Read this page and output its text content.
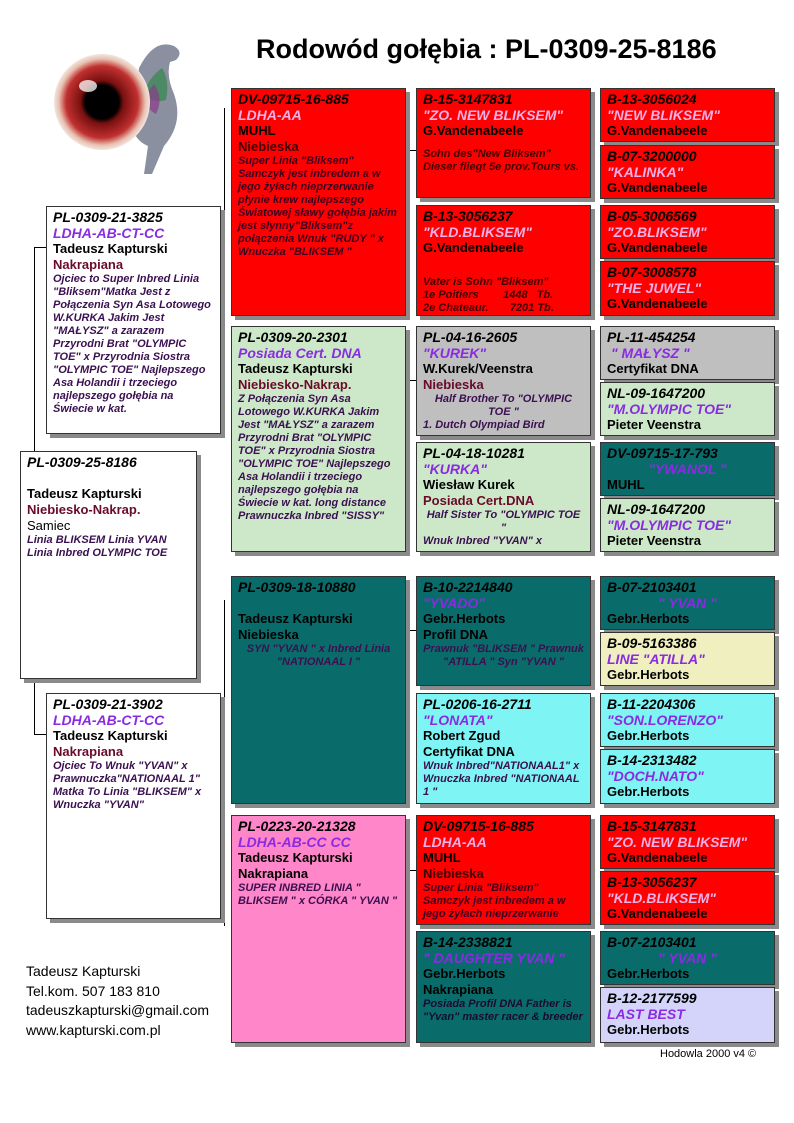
Rodowód gołębia : PL-0309-25-8186
PL-0309-25-8186
Tadeusz Kapturski
Niebiesko-Nakrap.
Samiec
Linia BLIKSEM Linia YVAN Linia Inbred OLYMPIC TOE
PL-0309-21-3825
LDHA-AB-CT-CC
Tadeusz Kapturski
Nakrapiana
Ojciec to Super Inbred Linia "Bliksem"Matka Jest z Połączenia Syn Asa Lotowego W.KURKA Jakim Jest "MAŁYSZ" a zarazem Przyrodni Brat "OLYMPIC TOE" x Przyrodnia Siostra "OLYMPIC TOE" Najlepszego Asa Holandii i trzeciego najlepszego gołębia na Świecie w kat.
PL-0309-21-3902
LDHA-AB-CT-CC
Tadeusz Kapturski
Nakrapiana
Ojciec To Wnuk "YVAN" x Prawnuczka"NATIONAAL 1" Matka To Linia "BLIKSEM" x Wnuczka "YVAN"
DV-09715-16-885
LDHA-AA
MUHL
Niebieska
Super Linia "Bliksem" Samczyk jest inbredem a w jego żyłach nieprzerwanie płynie krew najlepszego Światowej sławy gołębia jakim jest słynny"Bliksem"z połączenia Wnuk "RUDY " x Wnuczka "BLIKSEM "
PL-0309-20-2301
Posiada Cert. DNA
Tadeusz Kapturski
Niebiesko-Nakrap.
Z Połączenia Syn Asa Lotowego W.KURKA Jakim Jest "MAŁYSZ" a zarazem Przyrodni Brat "OLYMPIC TOE" x Przyrodnia Siostra "OLYMPIC TOE" Najlepszego Asa Holandii i trzeciego najlepszego gołębia na Świecie w kat. long distance Prawnuczka Inbred "SISSY"
PL-0309-18-10880
Tadeusz Kapturski
Niebieska
SYN "YVAN " x Inbred Linia "NATIONAAL I "
PL-0223-20-21328
LDHA-AB-CC CC
Tadeusz Kapturski
Nakrapiana
SUPER INBRED LINIA " BLIKSEM " x CÓRKA " YVAN "
B-15-3147831
"ZO. NEW BLIKSEM"
G.Vandenabeele
Sohn des"New Bliksem" Dieser fliegt 5e prov.Tours vs.
B-13-3056237
"KLD.BLIKSEM"
G.Vandenabeele
Vater is Sohn "Bliksem"
1e Poitiers        1448   Tb.
2e Chateaur.       7201 Tb.
PL-04-16-2605
"KUREK"
W.Kurek/Veenstra
Niebieska
Half Brother To "OLYMPIC TOE "
1. Dutch Olympiad Bird
PL-04-18-10281
"KURKA"
Wiesław Kurek
Posiada Cert.DNA
Half Sister To "OLYMPIC TOE "
Wnuk Inbred "YVAN" x
B-10-2214840
"YVADO"
Gebr.Herbots
Profil DNA
Prawnuk "BLIKSEM " Prawnuk "ATILLA " Syn "YVAN "
PL-0206-16-2711
"LONATA"
Robert Zgud
Certyfikat DNA
Wnuk Inbred"NATIONAAL1" x Wnuczka Inbred "NATIONAAL 1 "
DV-09715-16-885
LDHA-AA
MUHL
Niebieska
Super Linia "Bliksem" Samczyk jest inbredem a w jego żyłach nieprzerwanie
B-14-2338821
" DAUGHTER YVAN "
Gebr.Herbots
Nakrapiana
Posiada Profil DNA Father is "Yvan" master racer & breeder
B-13-3056024
"NEW BLIKSEM"
G.Vandenabeele
B-07-3200000
"KALINKA"
G.Vandenabeele
B-05-3006569
"ZO.BLIKSEM"
G.Vandenabeele
B-07-3008578
"THE JUWEL"
G.Vandenabeele
PL-11-454254
" MAŁYSZ "
Certyfikat DNA
NL-09-1647200
"M.OLYMPIC TOE"
Pieter Veenstra
DV-09715-17-793
"YWANOL "
MUHL
NL-09-1647200
"M.OLYMPIC TOE"
Pieter Veenstra
B-07-2103401
" YVAN "
Gebr.Herbots
B-09-5163386
LINE "ATILLA"
Gebr.Herbots
B-11-2204306
"SON.LORENZO"
Gebr.Herbots
B-14-2313482
"DOCH.NATO"
Gebr.Herbots
B-15-3147831
"ZO. NEW BLIKSEM"
G.Vandenabeele
B-13-3056237
"KLD.BLIKSEM"
G.Vandenabeele
B-07-2103401
" YVAN "
Gebr.Herbots
B-12-2177599
LAST BEST
Gebr.Herbots
Tadeusz Kapturski
Tel.kom. 507 183 810
tadeuszkapturski@gmail.com
www.kapturski.com.pl
Hodowla 2000 v4 ©
